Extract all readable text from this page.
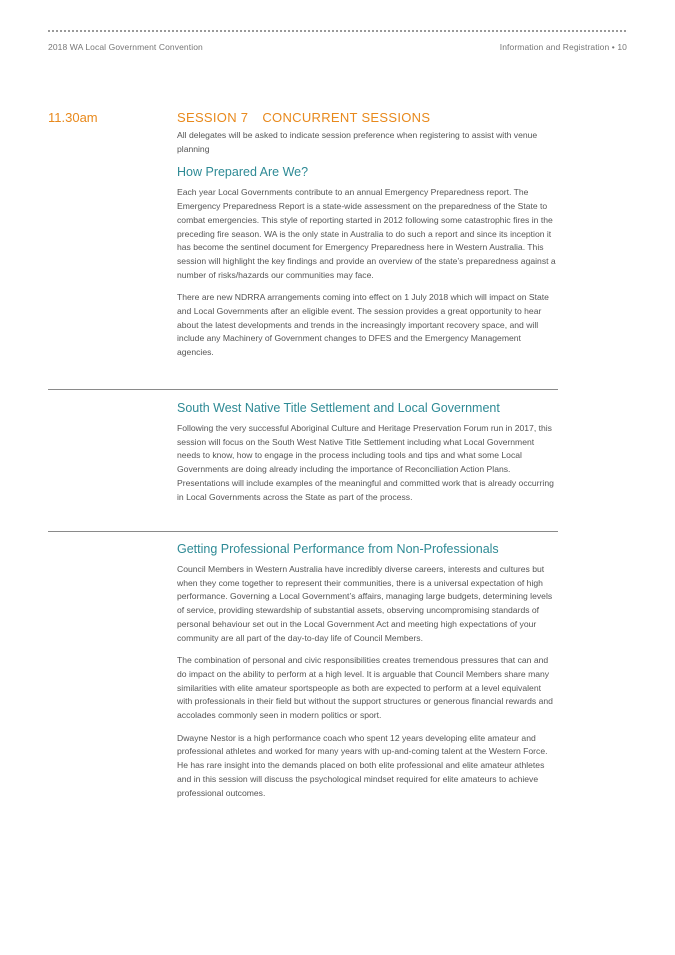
2018 WA Local Government Convention	Information and Registration • 10
11.30am	SESSION 7 CONCURRENT SESSIONS

All delegates will be asked to indicate session preference when registering to assist with venue planning

How Prepared Are We?

Each year Local Governments contribute to an annual Emergency Preparedness report. The Emergency Preparedness Report is a state-wide assessment on the preparedness of the State to combat emergencies. This style of reporting started in 2012 following some catastrophic fires in the preceding fire season. WA is the only state in Australia to do such a report and since its inception it has become the sentinel document for Emergency Preparedness here in Western Australia. This session will highlight the key findings and provide an overview of the state’s preparedness against a number of risks/hazards our communities may face.

There are new NDRRA arrangements coming into effect on 1 July 2018 which will impact on State and Local Governments after an eligible event. The session provides a great opportunity to hear about the latest developments and trends in the increasingly important recovery space, and will include any Machinery of Government changes to DFES and the Emergency Management agencies.

South West Native Title Settlement and Local Government

Following the very successful Aboriginal Culture and Heritage Preservation Forum run in 2017, this session will focus on the South West Native Title Settlement including what Local Government needs to know, how to engage in the process including tools and tips and what some Local Governments are doing already including the importance of Reconciliation Action Plans. Presentations will include examples of the meaningful and committed work that is already occurring in Local Governments across the State as part of the process.

Getting Professional Performance from Non-Professionals

Council Members in Western Australia have incredibly diverse careers, interests and cultures but when they come together to represent their communities, there is a universal expectation of high performance. Governing a Local Government’s affairs, managing large budgets, determining levels of service, providing stewardship of substantial assets, observing uncompromising standards of personal behaviour set out in the Local Government Act and meeting high expectations of your community are all part of the day-to-day life of Council Members.

The combination of personal and civic responsibilities creates tremendous pressures that can and do impact on the ability to perform at a high level. It is arguable that Council Members share many similarities with elite amateur sportspeople as both are expected to perform at a level equivalent with professionals in their field but without the support structures or generous financial rewards and accolades commonly seen in modern politics or sport.

Dwayne Nestor is a high performance coach who spent 12 years developing elite amateur and professional athletes and worked for many years with up-and-coming talent at the Western Force. He has rare insight into the demands placed on both elite professional and elite amateur athletes and in this session will discuss the psychological mindset required for elite amateurs to achieve professional outcomes.
